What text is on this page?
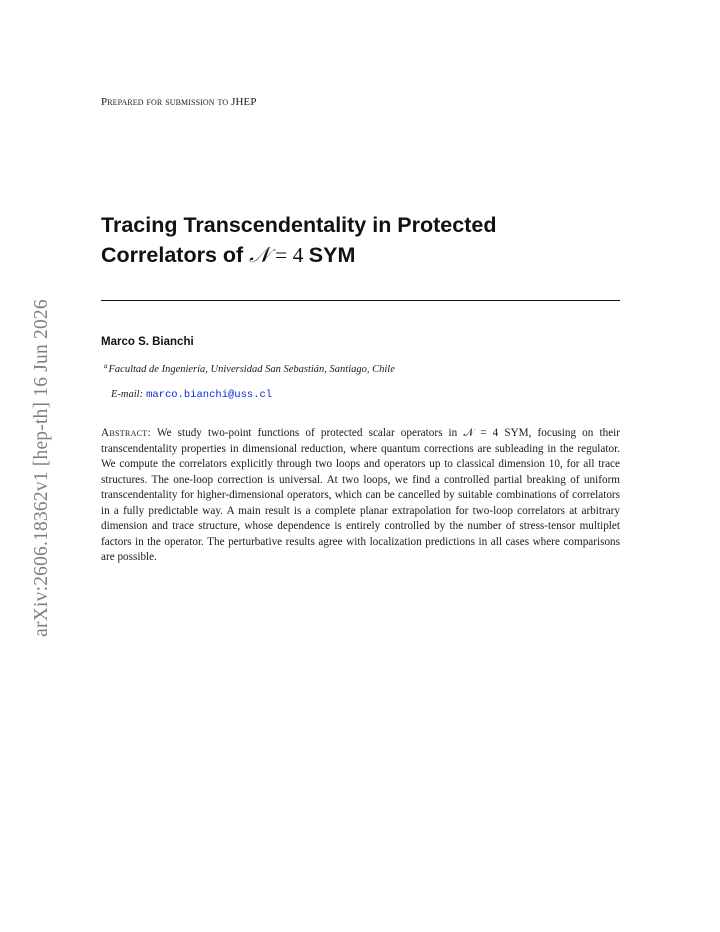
arXiv:2606.18362v1 [hep-th] 16 Jun 2026
Prepared for submission to JHEP
Tracing Transcendentality in Protected
Correlators of 𝒩 = 4 SYM
Marco S. Bianchi
$^a$Facultad de Ingeniería, Universidad San Sebastián, Santiago, Chile
E-mail: marco.bianchi@uss.cl
Abstract: We study two-point functions of protected scalar operators in 𝒩 = 4 SYM, focusing on their transcendentality properties in dimensional reduction, where quantum corrections are subleading in the regulator. We compute the correlators explicitly through two loops and operators up to classical dimension 10, for all trace structures. The one-loop correction is universal. At two loops, we find a controlled partial breaking of uniform transcendentality for higher-dimensional operators, which can be cancelled by suitable combinations of correlators in a fully predictable way. A main result is a complete planar extrapolation for two-loop correlators at arbitrary dimension and trace structure, whose dependence is entirely controlled by the number of stress-tensor multiplet factors in the operator. The perturbative results agree with localization predictions in all cases where comparisons are possible.
